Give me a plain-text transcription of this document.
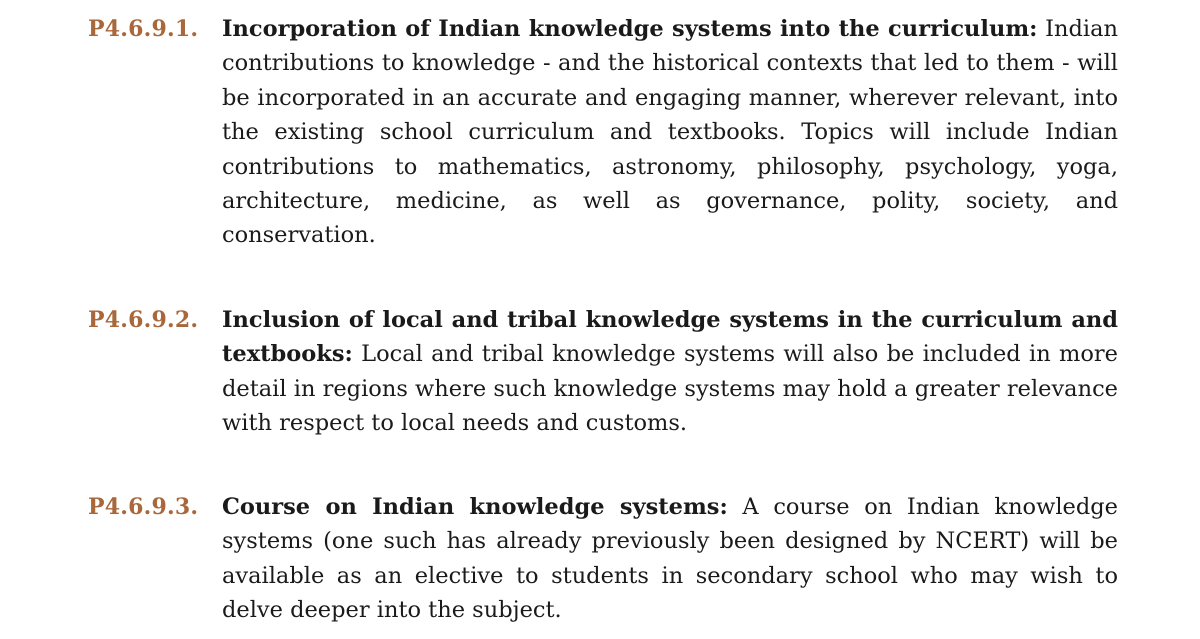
P4.6.9.1. Incorporation of Indian knowledge systems into the curriculum: Indian contributions to knowledge - and the historical contexts that led to them - will be incorporated in an accurate and engaging manner, wherever relevant, into the existing school curriculum and textbooks. Topics will include Indian contributions to mathematics, astronomy, philosophy, psychology, yoga, architecture, medicine, as well as governance, polity, society, and conservation.

P4.6.9.2. Inclusion of local and tribal knowledge systems in the curriculum and textbooks: Local and tribal knowledge systems will also be included in more detail in regions where such knowledge systems may hold a greater relevance with respect to local needs and customs.

P4.6.9.3. Course on Indian knowledge systems: A course on Indian knowledge systems (one such has already previously been designed by NCERT) will be available as an elective to students in secondary school who may wish to delve deeper into the subject.
